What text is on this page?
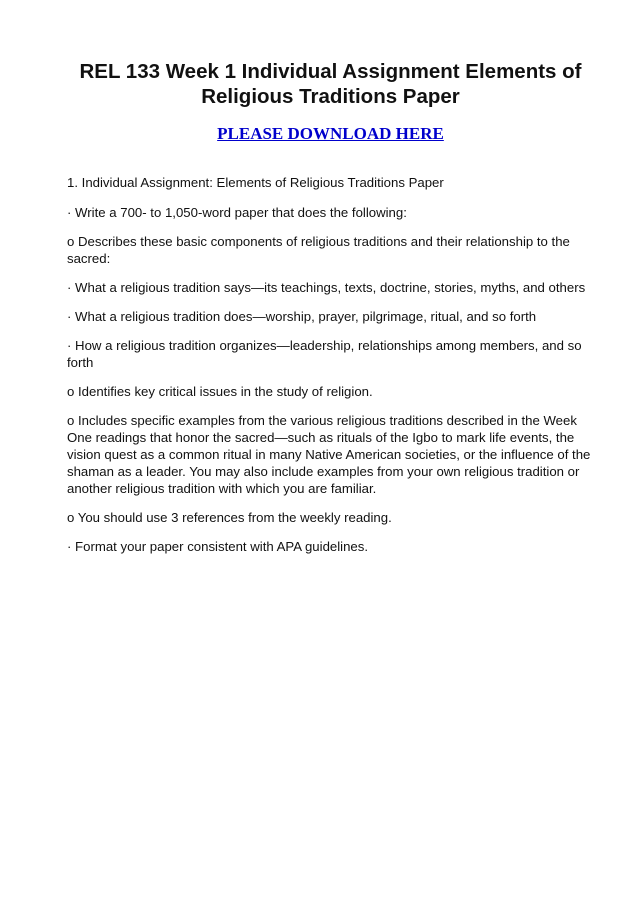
REL 133 Week 1 Individual Assignment Elements of Religious Traditions Paper
PLEASE DOWNLOAD HERE

1. Individual Assignment: Elements of Religious Traditions Paper

· Write a 700- to 1,050-word paper that does the following:

o Describes these basic components of religious traditions and their relationship to the sacred:

· What a religious tradition says—its teachings, texts, doctrine, stories, myths, and others

· What a religious tradition does—worship, prayer, pilgrimage, ritual, and so forth

· How a religious tradition organizes—leadership, relationships among members, and so forth

o Identifies key critical issues in the study of religion.

o Includes specific examples from the various religious traditions described in the Week One readings that honor the sacred—such as rituals of the Igbo to mark life events, the vision quest as a common ritual in many Native American societies, or the influence of the shaman as a leader. You may also include examples from your own religious tradition or another religious tradition with which you are familiar.

o You should use 3 references from the weekly reading.

· Format your paper consistent with APA guidelines.
